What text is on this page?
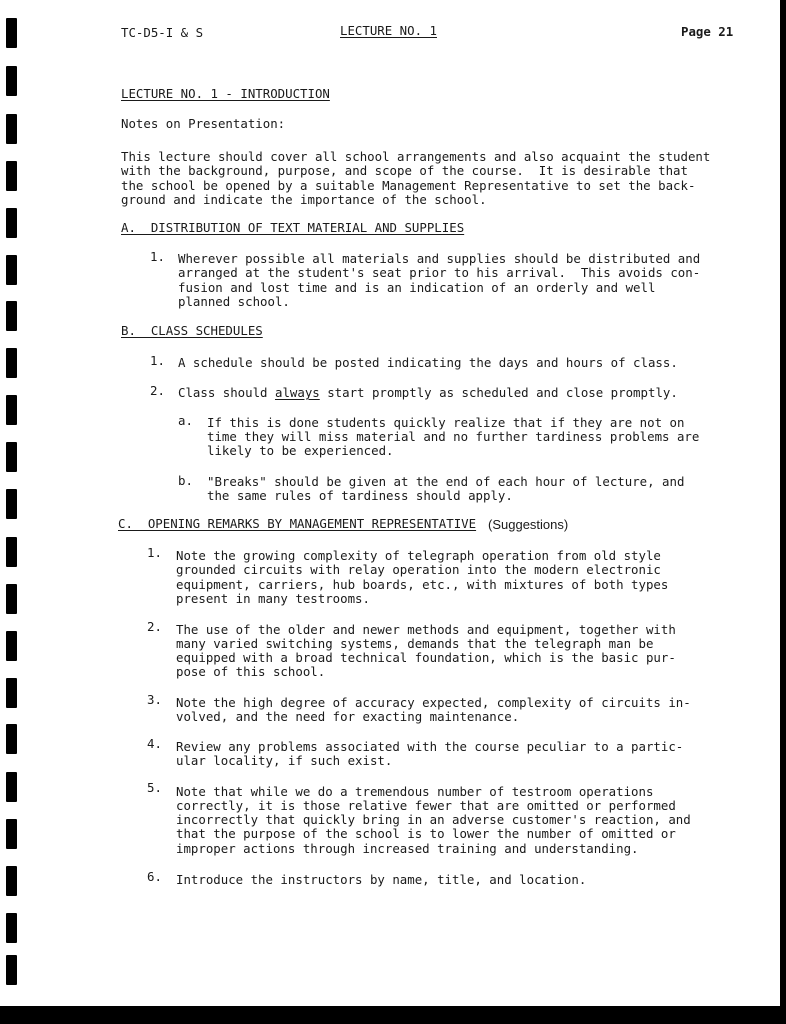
TC-D5-I & S	LECTURE NO. 1	Page 21
LECTURE NO. 1 - INTRODUCTION
Notes on Presentation:
This lecture should cover all school arrangements and also acquaint the student
with the background, purpose, and scope of the course.  It is desirable that
the school be opened by a suitable Management Representative to set the back-
ground and indicate the importance of the school.
A.  DISTRIBUTION OF TEXT MATERIAL AND SUPPLIES
1. Wherever possible all materials and supplies should be distributed and
arranged at the student's seat prior to his arrival.  This avoids con-
fusion and lost time and is an indication of an orderly and well
planned school.
B.  CLASS SCHEDULES
1. A schedule should be posted indicating the days and hours of class.
2. Class should always start promptly as scheduled and close promptly.
a. If this is done students quickly realize that if they are not on
time they will miss material and no further tardiness problems are
likely to be experienced.
b. "Breaks" should be given at the end of each hour of lecture, and
the same rules of tardiness should apply.
C.  OPENING REMARKS BY MANAGEMENT REPRESENTATIVE (Suggestions)
1. Note the growing complexity of telegraph operation from old style
grounded circuits with relay operation into the modern electronic
equipment, carriers, hub boards, etc., with mixtures of both types
present in many testrooms.
2. The use of the older and newer methods and equipment, together with
many varied switching systems, demands that the telegraph man be
equipped with a broad technical foundation, which is the basic pur-
pose of this school.
3. Note the high degree of accuracy expected, complexity of circuits in-
volved, and the need for exacting maintenance.
4. Review any problems associated with the course peculiar to a partic-
ular locality, if such exist.
5. Note that while we do a tremendous number of testroom operations
correctly, it is those relative fewer that are omitted or performed
incorrectly that quickly bring in an adverse customer's reaction, and
that the purpose of the school is to lower the number of omitted or
improper actions through increased training and understanding.
6. Introduce the instructors by name, title, and location.
